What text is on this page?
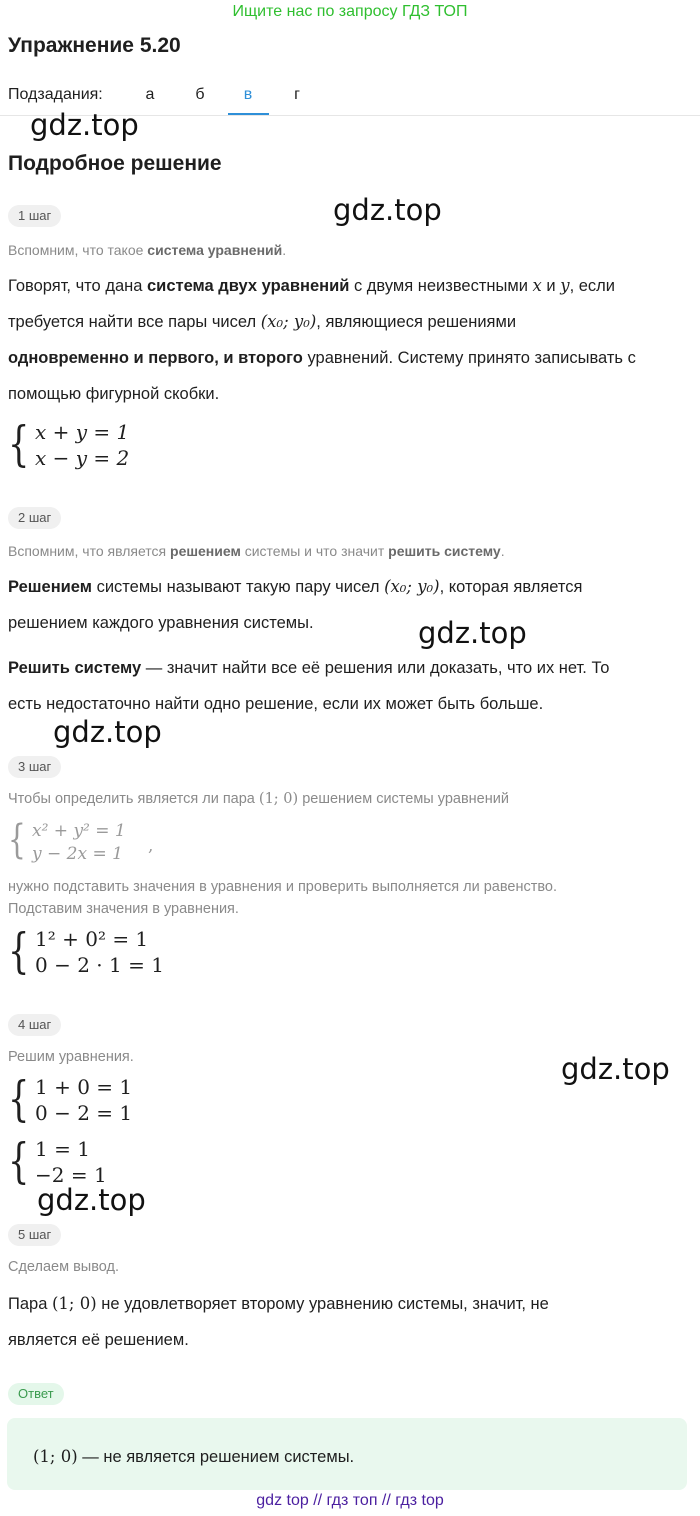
Ищите нас по запросу ГДЗ ТОП
Упражнение 5.20
Подзадания:	а	б	в	г
gdz.top
gdz.top
gdz.top
gdz.top
gdz.top
gdz.top
Подробное решение
1 шаг
Вспомним, что такое система уравнений.
Говорят, что дана система двух уравнений с двумя неизвестными x и y, если
требуется найти все пары чисел (x₀; y₀), являющиеся решениями
одновременно и первого, и второго уравнений. Систему принято записывать с
помощью фигурной скобки.
{ x + y = 1
x − y = 2
2 шаг
Вспомним, что является решением системы и что значит решить систему.
Решением системы называют такую пару чисел (x₀; y₀), которая является
решением каждого уравнения системы.
Решить систему — значит найти все её решения или доказать, что их нет. То
есть недостаточно найти одно решение, если их может быть больше.
3 шаг
Чтобы определить является ли пара (1; 0) решением системы уравнений
{ x² + y² = 1
y − 2x = 1 ,
нужно подставить значения в уравнения и проверить выполняется ли равенство.
Подставим значения в уравнения.
{ 1² + 0² = 1
0 − 2 · 1 = 1
4 шаг
Решим уравнения.
{ 1 + 0 = 1
0 − 2 = 1
{ 1 = 1
−2 = 1
5 шаг
Сделаем вывод.
Пара (1; 0) не удовлетворяет второму уравнению системы, значит, не
является её решением.
Ответ
(1; 0) — не является решением системы.
gdz top // гдз топ // гдз top
